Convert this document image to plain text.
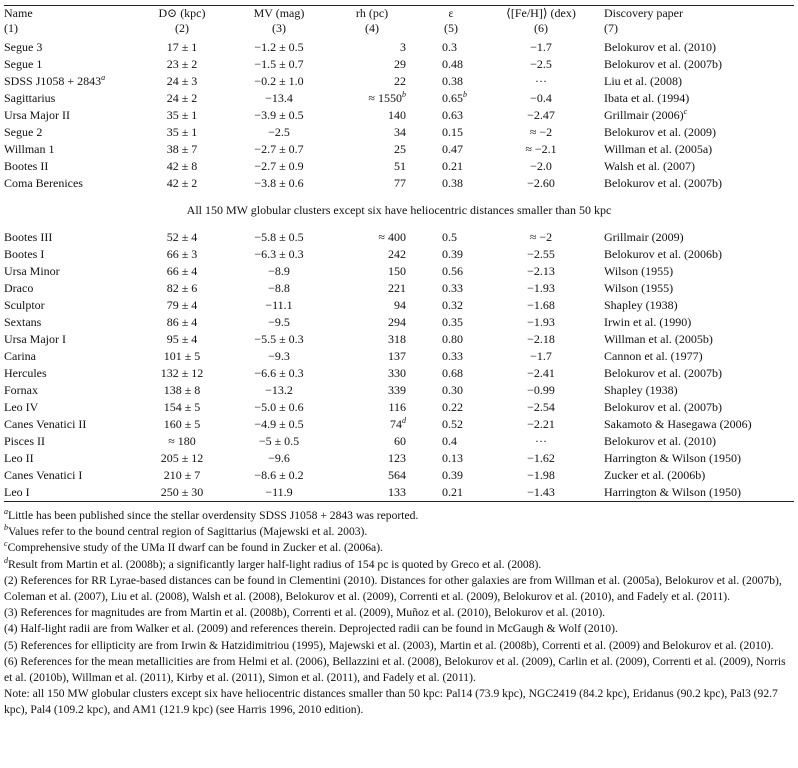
Name	D⊙ (kpc)	MV (mag)	rh (pc)	ε	⟨[Fe/H]⟩ (dex)	Discovery paper
(1)	(2)	(3)	(4)	(5)	(6)	(7)
Segue 3	17 ± 1	−1.2 ± 0.5	3	0.3	−1.7	Belokurov et al. (2010)
Segue 1	23 ± 2	−1.5 ± 0.7	29	0.48	−2.5	Belokurov et al. (2007b)
SDSS $J1058 + 2843^a$	24 ± 3	−0.2 ± 1.0	22	0.38	···	Liu et al. (2008)
Sagittarius	24 ± 2	−13.4	≈ $1550^b$	0.65$^b$	−0.4	Ibata et al. (1994)
Ursa Major II	35 ± 1	−3.9 ± 0.5	140	0.63	−2.47	Grillmair $(2006)^c$
Segue 2	35 ± 1	−2.5	34	0.15	≈ −2	Belokurov et al. (2009)
Willman 1	38 ± 7	−2.7 ± 0.7	25	0.47	≈ −2.1	Willman et al. (2005a)
Bootes II	42 ± 8	−2.7 ± 0.9	51	0.21	−2.0	Walsh et al. (2007)
Coma Berenices	42 ± 2	−3.8 ± 0.6	77	0.38	−2.60	Belokurov et al. (2007b)
All 150 MW globular clusters except six have heliocentric distances smaller than 50 kpc						
Bootes III	52 ± 4	−5.8 ± 0.5	≈ 400	0.5	≈ −2	Grillmair (2009)
Bootes I	66 ± 3	−6.3 ± 0.3	242	0.39	−2.55	Belokurov et al. (2006b)
Ursa Minor	66 ± 4	−8.9	150	0.56	−2.13	Wilson (1955)
Draco	82 ± 6	−8.8	221	0.33	−1.93	Wilson (1955)
Sculptor	79 ± 4	−11.1	94	0.32	−1.68	Shapley (1938)
Sextans	86 ± 4	−9.5	294	0.35	−1.93	Irwin et al. (1990)
Ursa Major I	95 ± 4	−5.5 ± 0.3	318	0.80	−2.18	Willman et al. (2005b)
Carina	101 ± 5	−9.3	137	0.33	−1.7	Cannon et al. (1977)
Hercules	132 ± 12	−6.6 ± 0.3	330	0.68	−2.41	Belokurov et al. (2007b)
Fornax	138 ± 8	−13.2	339	0.30	−0.99	Shapley (1938)
Leo IV	154 ± 5	−5.0 ± 0.6	116	0.22	−2.54	Belokurov et al. (2007b)
Canes Venatici II	160 ± 5	−4.9 ± 0.5	74$^d$	0.52	−2.21	Sakamoto & Hasegawa (2006)
Pisces II	≈ 180	−5 ± 0.5	60	0.4	···	Belokurov et al. (2010)
Leo II	205 ± 12	−9.6	123	0.13	−1.62	Harrington & Wilson (1950)
Canes Venatici I	210 ± 7	−8.6 ± 0.2	564	0.39	−1.98	Zucker et al. (2006b)
Leo I	250 ± 30	−11.9	133	0.21	−1.43	Harrington & Wilson (1950)

$^a$Little has been published since the stellar overdensity SDSS J1058 + 2843 was reported.

$^b$Values refer to the bound central region of Sagittarius (Majewski et al. 2003).

$^c$Comprehensive study of the UMa II dwarf can be found in Zucker et al. (2006a).

$^d$Result from Martin et al. (2008b); a significantly larger half-light radius of 154 pc is quoted by Greco et al. (2008).

(2) References for RR Lyrae-based distances can be found in Clementini (2010). Distances for other galaxies are from Willman et al. (2005a), Belokurov et al. (2007b), Coleman et al. (2007), Liu et al. (2008), Walsh et al. (2008), Belokurov et al. (2009), Correnti et al. (2009), Belokurov et al. (2010), and Fadely et al. (2011).

(3) References for magnitudes are from Martin et al. (2008b), Correnti et al. (2009), Muñoz et al. (2010), Belokurov et al. (2010).

(4) Half-light radii are from Walker et al. (2009) and references therein. Deprojected radii can be found in McGaugh & Wolf (2010).

(5) References for ellipticity are from Irwin & Hatzidimitriou (1995), Majewski et al. (2003), Martin et al. (2008b), Correnti et al. (2009) and Belokurov et al. (2010).

(6) References for the mean metallicities are from Helmi et al. (2006), Bellazzini et al. (2008), Belokurov et al. (2009), Carlin et al. (2009), Correnti et al. (2009), Norris et al. (2010b), Willman et al. (2011), Kirby et al. (2011), Simon et al. (2011), and Fadely et al. (2011).

Note: all 150 MW globular clusters except six have heliocentric distances smaller than 50 kpc: Pal14 (73.9 kpc), NGC2419 (84.2 kpc), Eridanus (90.2 kpc), Pal3 (92.7 kpc), Pal4 (109.2 kpc), and AM1 (121.9 kpc) (see Harris 1996, 2010 edition).
